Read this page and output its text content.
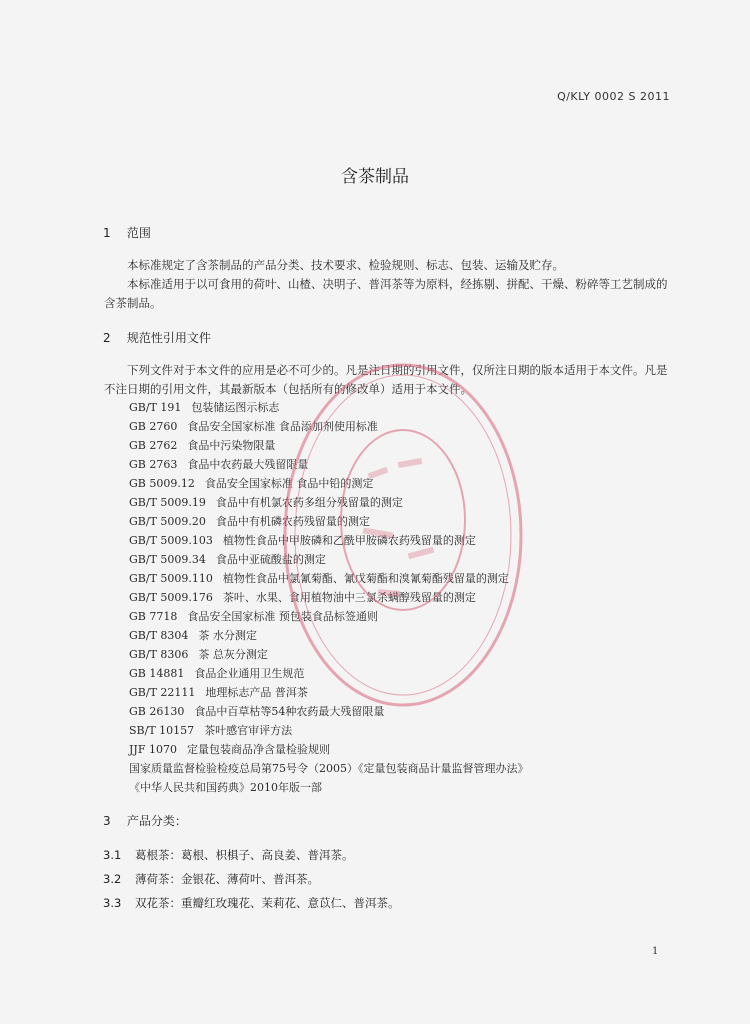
Q/KLY 0002 S 2011
含茶制品
1 范围
本标准规定了含茶制品的产品分类、技术要求、检验规则、标志、包装、运输及贮存。
本标准适用于以可食用的荷叶、山楂、决明子、普洱茶等为原料，经拣剔、拼配、干燥、粉碎等工艺制成的含茶制品。
2 规范性引用文件
下列文件对于本文件的应用是必不可少的。凡是注日期的引用文件，仅所注日期的版本适用于本文件。凡是不注日期的引用文件，其最新版本（包括所有的修改单）适用于本文件。
GB/T 191 包装储运图示标志
GB 2760 食品安全国家标准 食品添加剂使用标准
GB 2762 食品中污染物限量
GB 2763 食品中农药最大残留限量
GB 5009.12 食品安全国家标准 食品中铅的测定
GB/T 5009.19 食品中有机氯农药多组分残留量的测定
GB/T 5009.20 食品中有机磷农药残留量的测定
GB/T 5009.103 植物性食品中甲胺磷和乙酰甲胺磷农药残留量的测定
GB/T 5009.34 食品中亚硫酸盐的测定
GB/T 5009.110 植物性食品中氯氰菊酯、氰戊菊酯和溴氰菊酯残留量的测定
GB/T 5009.176 茶叶、水果、食用植物油中三氯杀螨醇残留量的测定
GB 7718 食品安全国家标准 预包装食品标签通则
GB/T 8304 茶 水分测定
GB/T 8306 茶 总灰分测定
GB 14881 食品企业通用卫生规范
GB/T 22111 地理标志产品 普洱茶
GB 26130 食品中百草枯等54种农药最大残留限量
SB/T 10157 茶叶感官审评方法
JJF 1070 定量包装商品净含量检验规则
国家质量监督检验检疫总局第75号令（2005）《定量包装商品计量监督管理办法》
《中华人民共和国药典》2010年版一部
3 产品分类：
3.1 葛根茶：葛根、枳椇子、高良姜、普洱茶。
3.2 薄荷茶：金银花、薄荷叶、普洱茶。
3.3 双花茶：重瓣红玫瑰花、茉莉花、意苡仁、普洱茶。
1
